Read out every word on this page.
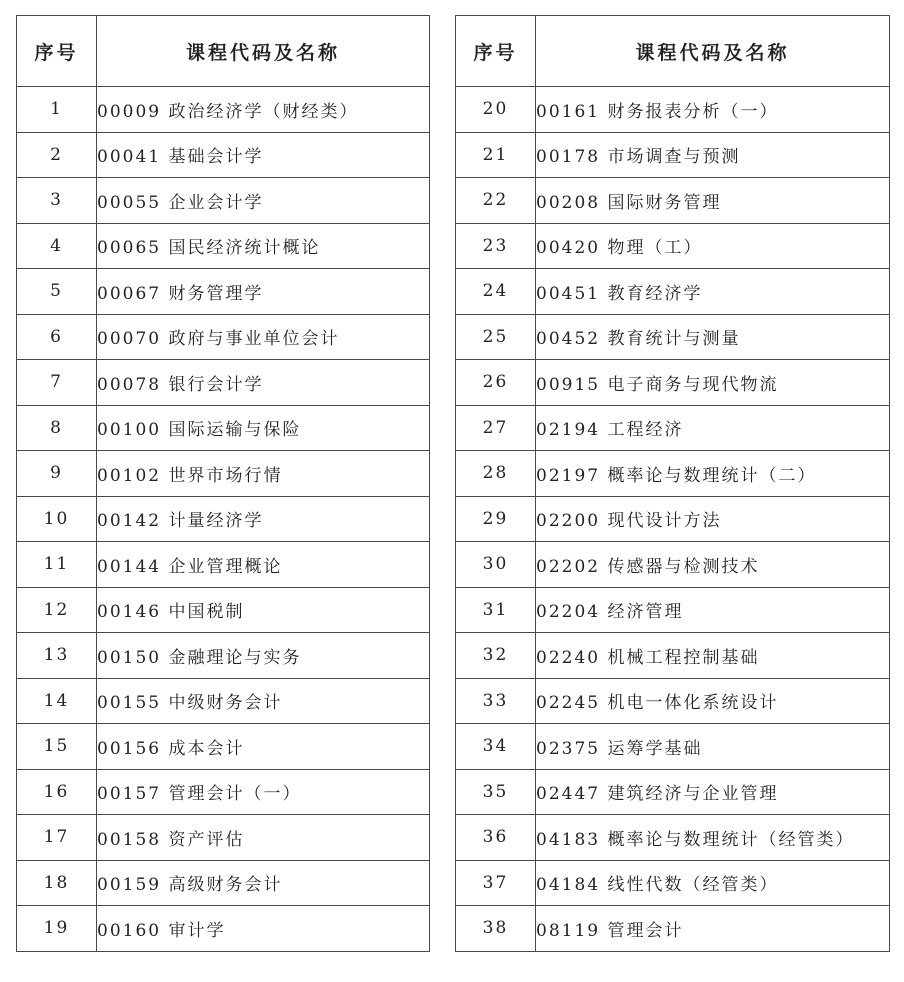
序号	课程代码及名称
1	00009 政治经济学（财经类）
2	00041 基础会计学
3	00055 企业会计学
4	00065 国民经济统计概论
5	00067 财务管理学
6	00070 政府与事业单位会计
7	00078 银行会计学
8	00100 国际运输与保险
9	00102 世界市场行情
10	00142 计量经济学
11	00144 企业管理概论
12	00146 中国税制
13	00150 金融理论与实务
14	00155 中级财务会计
15	00156 成本会计
16	00157 管理会计（一）
17	00158 资产评估
18	00159 高级财务会计
19	00160 审计学
序号	课程代码及名称
20	00161 财务报表分析（一）
21	00178 市场调查与预测
22	00208 国际财务管理
23	00420 物理（工）
24	00451 教育经济学
25	00452 教育统计与测量
26	00915 电子商务与现代物流
27	02194 工程经济
28	02197 概率论与数理统计（二）
29	02200 现代设计方法
30	02202 传感器与检测技术
31	02204 经济管理
32	02240 机械工程控制基础
33	02245 机电一体化系统设计
34	02375 运筹学基础
35	02447 建筑经济与企业管理
36	04183 概率论与数理统计（经管类）
37	04184 线性代数（经管类）
38	08119 管理会计
